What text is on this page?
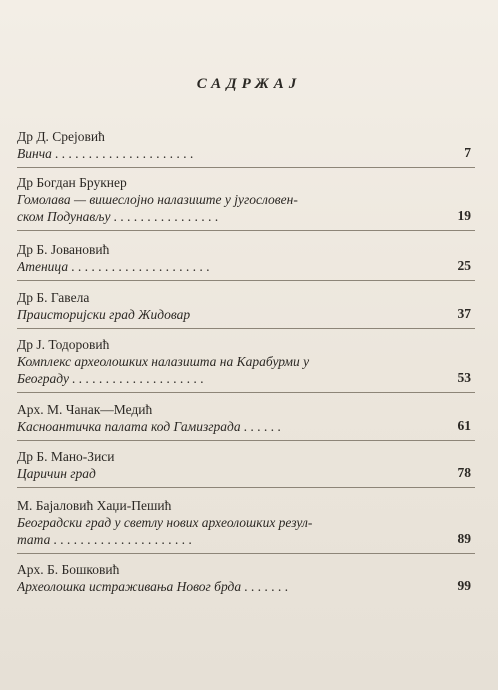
САДРЖАЈ
Др Д. Срејовић
Винча . . . . . . . . . . . . . . . . . . . . .	7
Др Богдан Брукнер
Гомолава — вишеслојно налазиште у југословен-
ском Подунављу . . . . . . . . . . . . . . . .	19
Др Б. Јовановић
Атеница . . . . . . . . . . . . . . . . . . . . .	25
Др Б. Гавела
Праисторијски град Жидовар	37
Др Ј. Тодоровић
Комплекс археолошких налазишта на Карабурми у
Београду . . . . . . . . . . . . . . . . . . . .	53
Арх. М. Чанак—Медић
Касноантичка палата код Гамизграда . . . . . .	61
Др Б. Мано-Зиси
Царичин град	78
М. Бајаловић Хаџи-Пешић
Београдски град у светлу нових археолошких резул-
тата . . . . . . . . . . . . . . . . . . . . .	89
Арх. Б. Бошковић
Археолошка истраживања Новог брда . . . . . . .	99
